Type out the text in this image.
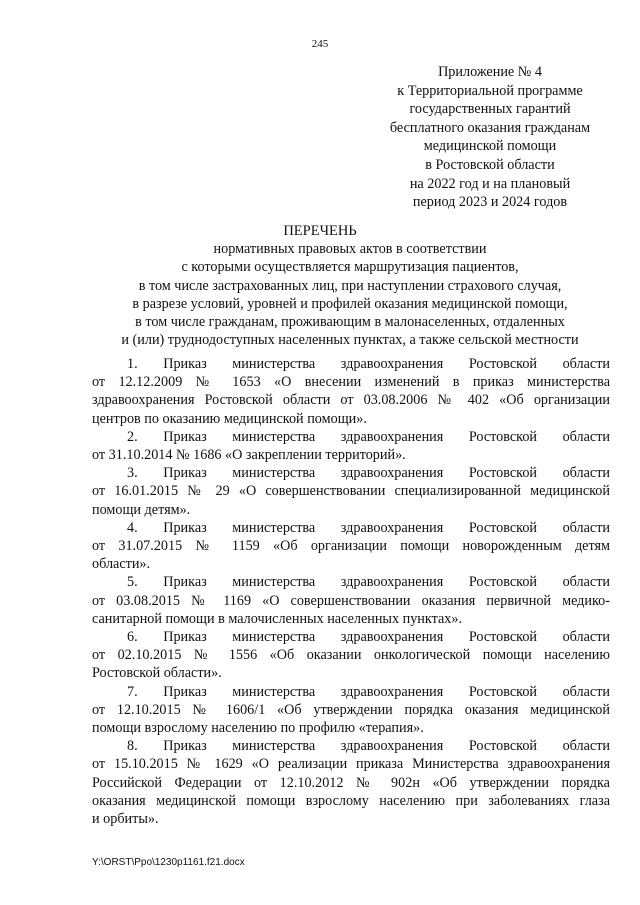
245
Приложение № 4
к Территориальной программе
государственных гарантий
бесплатного оказания гражданам
медицинской помощи
в Ростовской области
на 2022 год и на плановый
период 2023 и 2024 годов
ПЕРЕЧЕНЬ
нормативных правовых актов в соответствии
с которыми осуществляется маршрутизация пациентов,
в том числе застрахованных лиц, при наступлении страхового случая,
в разрезе условий, уровней и профилей оказания медицинской помощи,
в том числе гражданам, проживающим в малонаселенных, отдаленных
и (или) труднодоступных населенных пунктах, а также сельской местности
1. Приказ министерства здравоохранения Ростовской области
от 12.12.2009 № 1653 «О внесении изменений в приказ министерства
здравоохранения Ростовской области от 03.08.2006 № 402 «Об организации
центров по оказанию медицинской помощи».
2. Приказ министерства здравоохранения Ростовской области
от 31.10.2014 № 1686 «О закреплении территорий».
3. Приказ министерства здравоохранения Ростовской области
от 16.01.2015 № 29 «О совершенствовании специализированной медицинской
помощи детям».
4. Приказ министерства здравоохранения Ростовской области
от 31.07.2015 № 1159 «Об организации помощи новорожденным детям
области».
5. Приказ министерства здравоохранения Ростовской области
от 03.08.2015 № 1169 «О совершенствовании оказания первичной медико-
санитарной помощи в малочисленных населенных пунктах».
6. Приказ министерства здравоохранения Ростовской области
от 02.10.2015 № 1556 «Об оказании онкологической помощи населению
Ростовской области».
7. Приказ министерства здравоохранения Ростовской области
от 12.10.2015 № 1606/1 «Об утверждении порядка оказания медицинской
помощи взрослому населению по профилю «терапия».
8. Приказ министерства здравоохранения Ростовской области
от 15.10.2015 № 1629 «О реализации приказа Министерства здравоохранения
Российской Федерации от 12.10.2012 № 902н «Об утверждении порядка
оказания медицинской помощи взрослому населению при заболеваниях глаза
и орбиты».
Y:\ORST\Ppo\1230p1161.f21.docx
